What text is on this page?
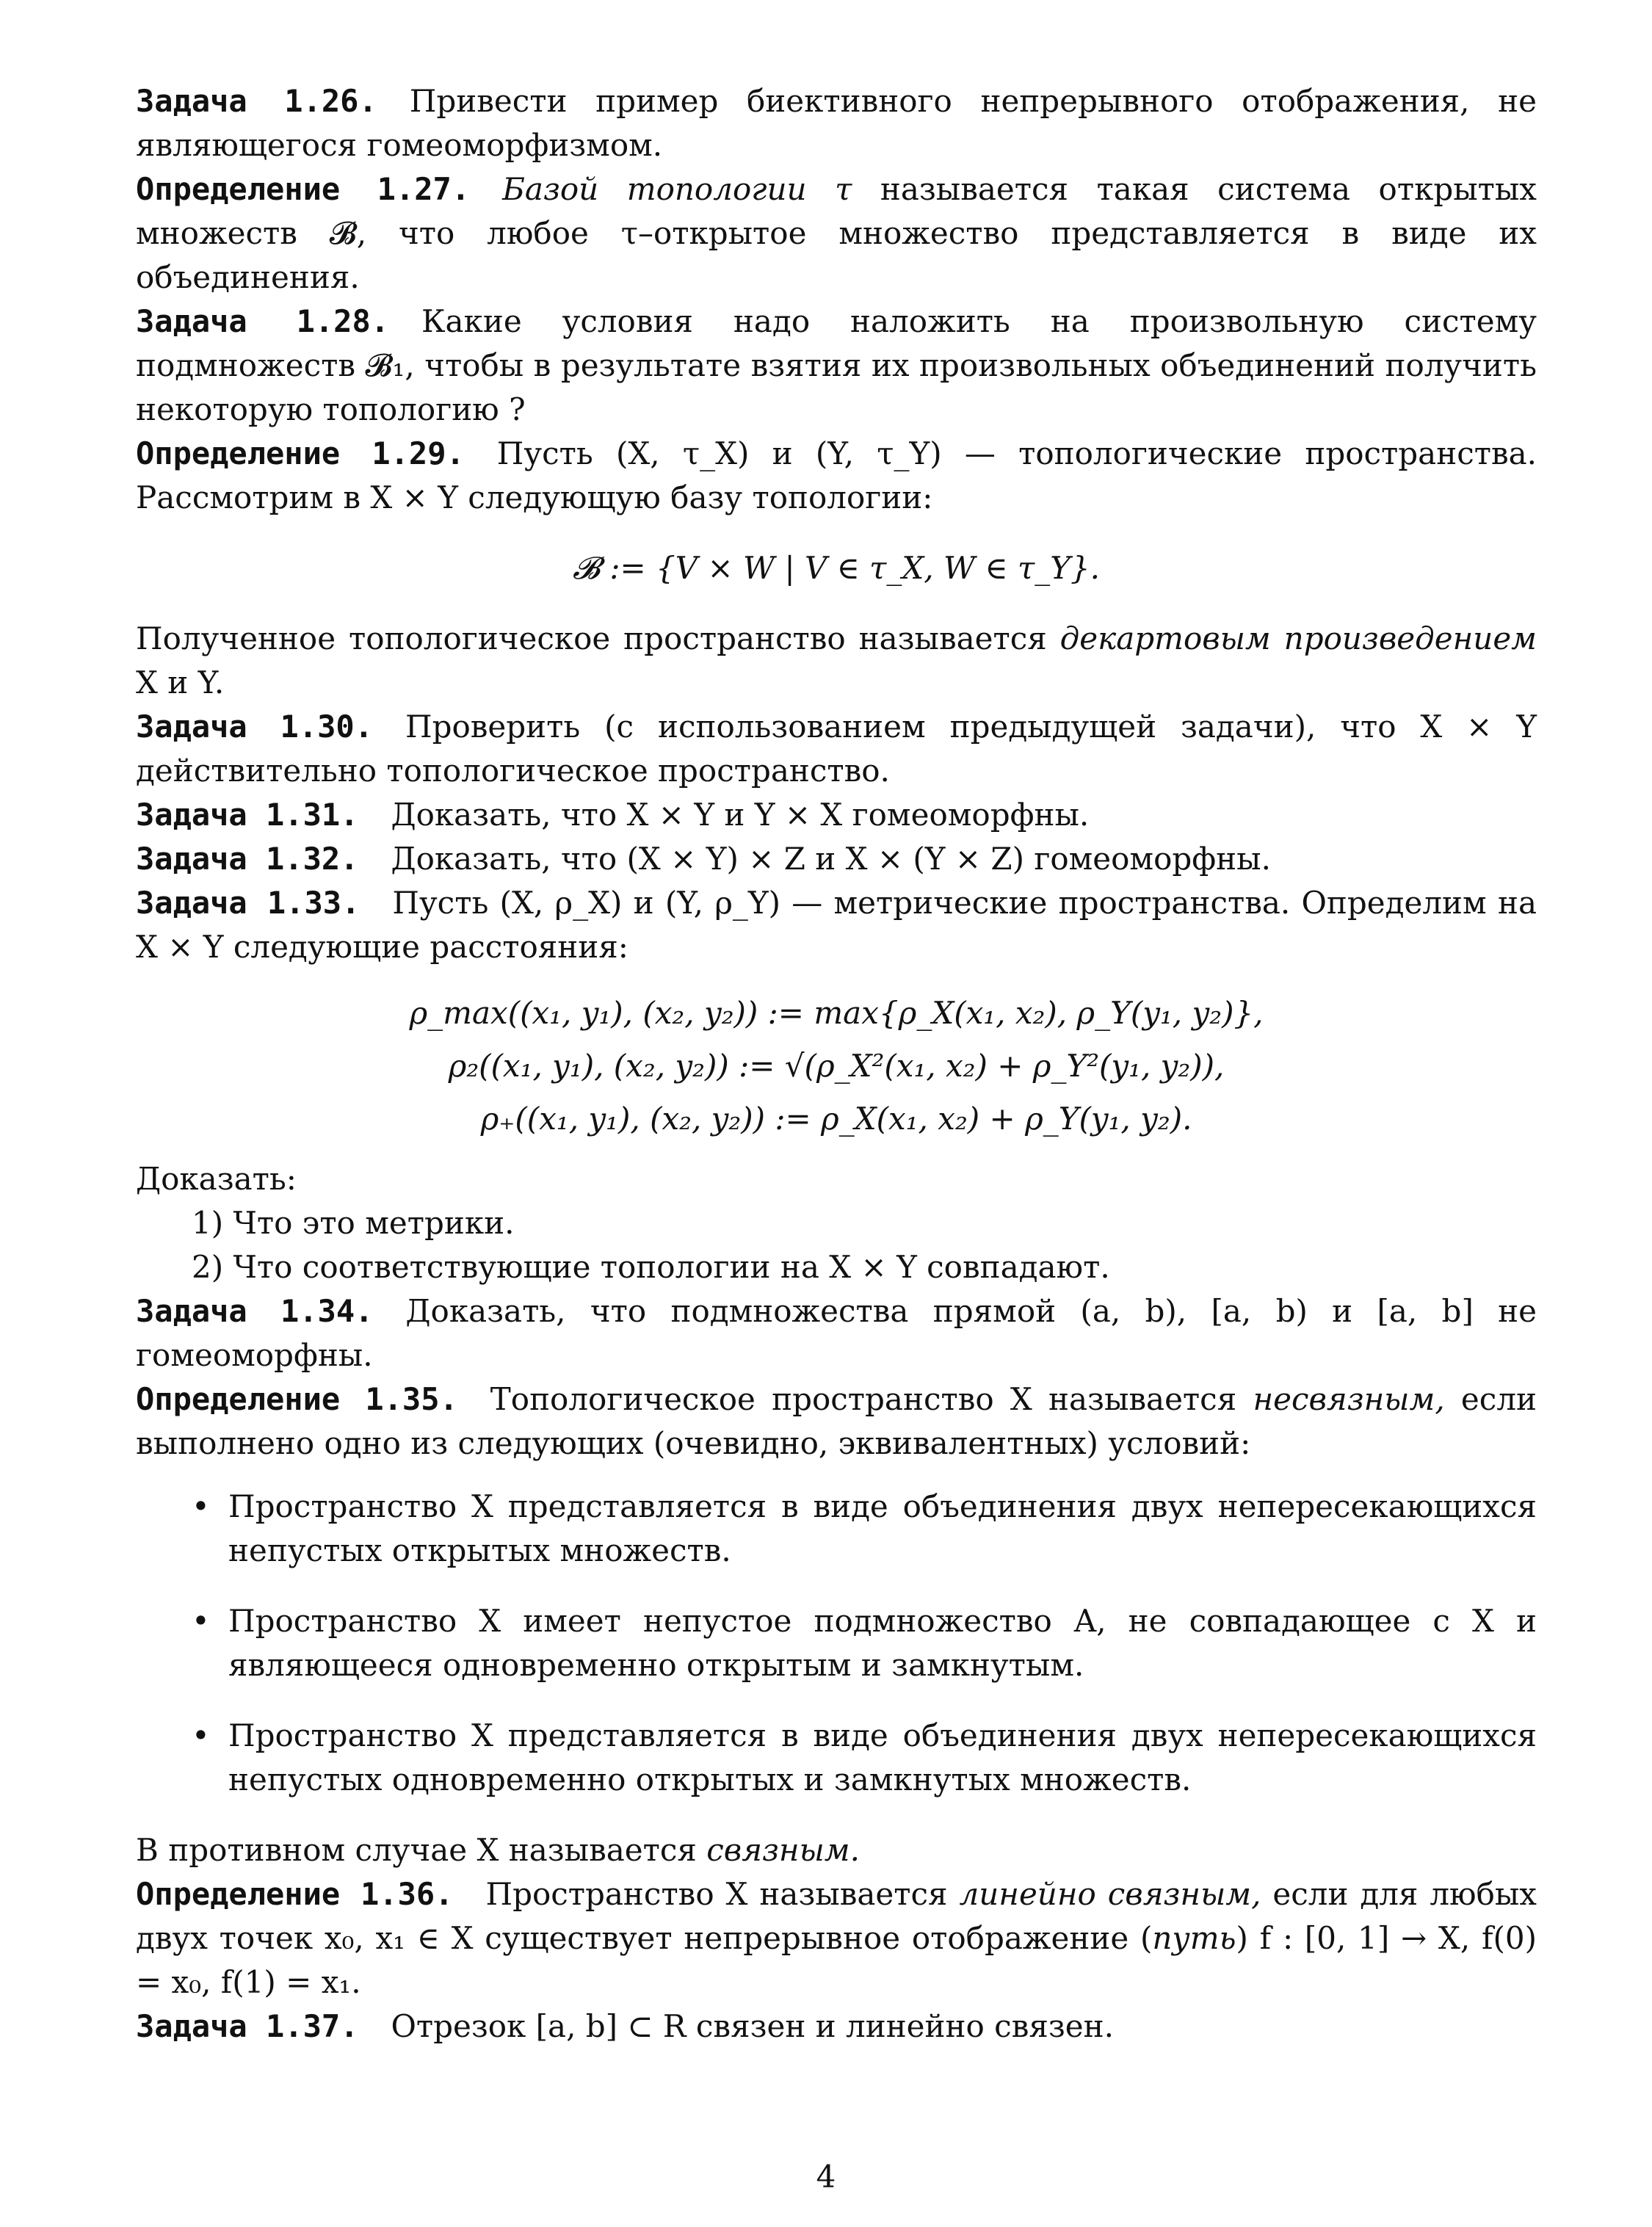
Задача 1.26. Привести пример биективного непрерывного отображения, не являющегося гомеоморфизмом.

Определение 1.27. Базой топологии τ называется такая система открытых множеств 𝓑, что любое τ–открытое множество представляется в виде их объединения.

Задача 1.28. Какие условия надо наложить на произвольную систему подмножеств 𝓑₁, чтобы в результате взятия их произвольных объединений получить некоторую топологию ?

Определение 1.29. Пусть (X, τ_X) и (Y, τ_Y) — топологические пространства. Рассмотрим в X × Y следующую базу топологии:

𝓑 := {V × W | V ∈ τ_X, W ∈ τ_Y}.

Полученное топологическое пространство называется декартовым произведением X и Y.

Задача 1.30. Проверить (с использованием предыдущей задачи), что X × Y действительно топологическое пространство.

Задача 1.31. Доказать, что X × Y и Y × X гомеоморфны.

Задача 1.32. Доказать, что (X × Y) × Z и X × (Y × Z) гомеоморфны.

Задача 1.33. Пусть (X, ρ_X) и (Y, ρ_Y) — метрические пространства. Определим на X × Y следующие расстояния:

ρ_max((x₁, y₁), (x₂, y₂)) := max{ρ_X(x₁, x₂), ρ_Y(y₁, y₂)},
ρ₂((x₁, y₁), (x₂, y₂)) := √(ρ_X²(x₁, x₂) + ρ_Y²(y₁, y₂)),
ρ₊((x₁, y₁), (x₂, y₂)) := ρ_X(x₁, x₂) + ρ_Y(y₁, y₂).

Доказать:

1) Что это метрики.

2) Что соответствующие топологии на X × Y совпадают.

Задача 1.34. Доказать, что подмножества прямой (a, b), [a, b) и [a, b] не гомеоморфны.

Определение 1.35. Топологическое пространство X называется несвязным, если выполнено одно из следующих (очевидно, эквивалентных) условий:

• Пространство X представляется в виде объединения двух непересекающихся непустых открытых множеств.
• Пространство X имеет непустое подмножество A, не совпадающее с X и являющееся одновременно открытым и замкнутым.
• Пространство X представляется в виде объединения двух непересекающихся непустых одновременно открытых и замкнутых множеств.

В противном случае X называется связным.

Определение 1.36. Пространство X называется линейно связным, если для любых двух точек x₀, x₁ ∈ X существует непрерывное отображение (путь) f : [0, 1] → X, f(0) = x₀, f(1) = x₁.

Задача 1.37. Отрезок [a, b] ⊂ R связен и линейно связен.

4
